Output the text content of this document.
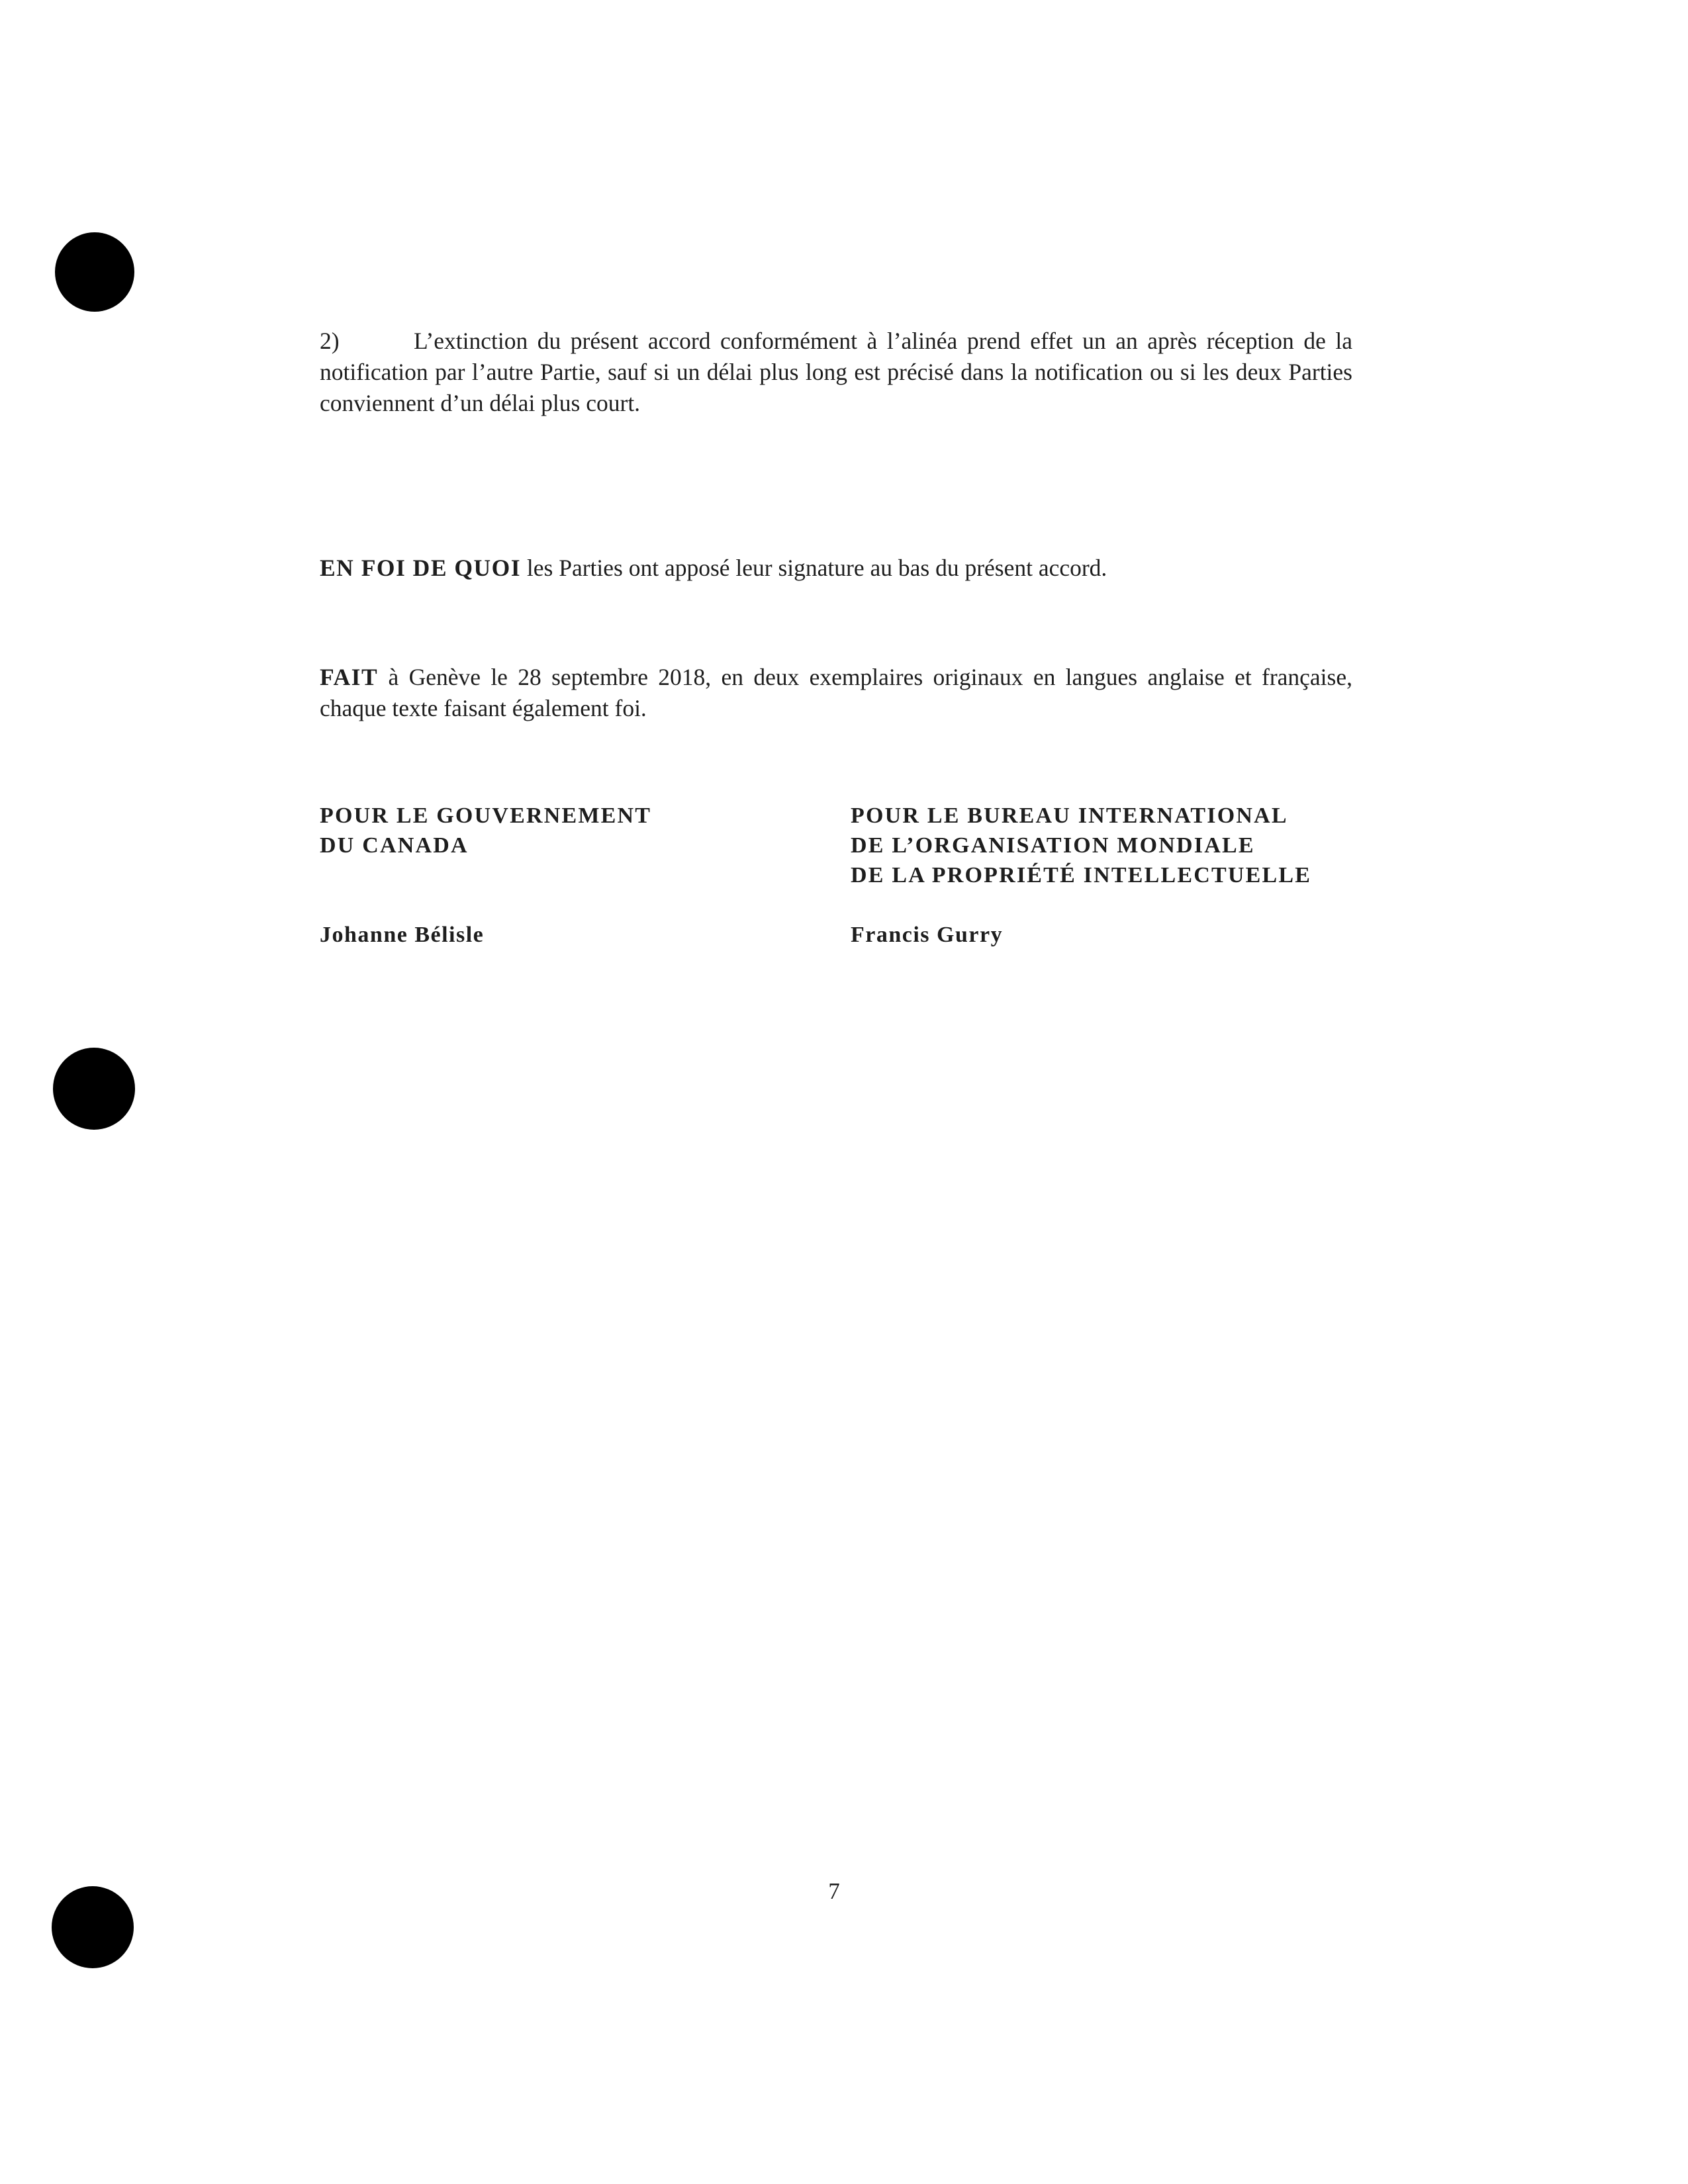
2)	L’extinction du présent accord conformément à l’alinéa prend effet un an après réception de la notification par l’autre Partie, sauf si un délai plus long est précisé dans la notification ou si les deux Parties conviennent d’un délai plus court.

EN FOI DE QUOI les Parties ont apposé leur signature au bas du présent accord.

FAIT à Genève le 28 septembre 2018, en deux exemplaires originaux en langues anglaise et française, chaque texte faisant également foi.

POUR LE GOUVERNEMENT
DU CANADA
POUR LE BUREAU INTERNATIONAL
DE L’ORGANISATION MONDIALE
DE LA PROPRIÉTÉ INTELLECTUELLE
Johanne Bélisle	Francis Gurry
7
